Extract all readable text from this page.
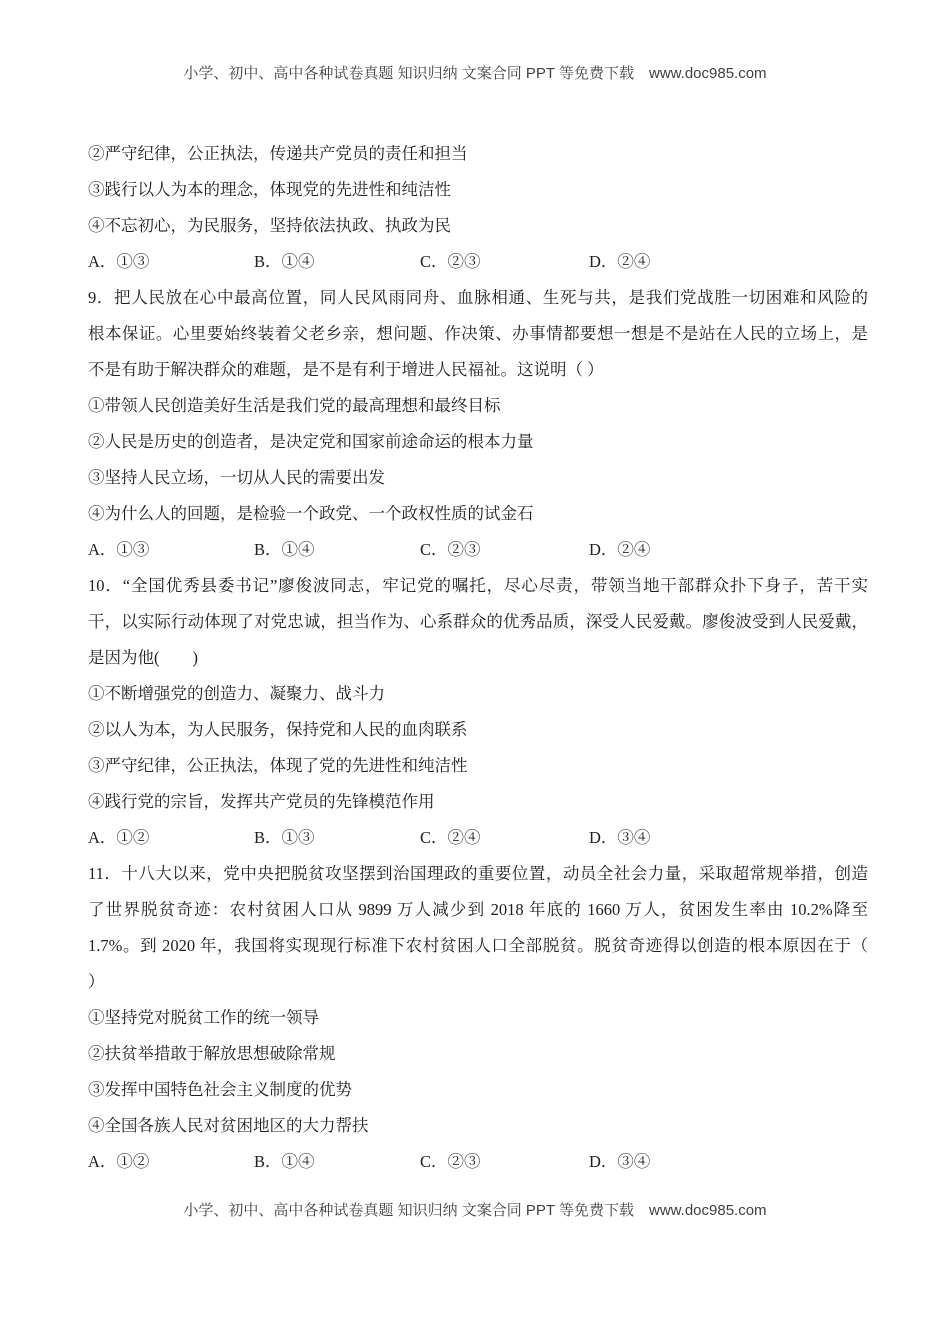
小学、初中、高中各种试卷真题 知识归纳 文案合同 PPT 等免费下载　www.doc985.com
②严守纪律，公正执法，传递共产党员的责任和担当
③践行以人为本的理念，体现党的先进性和纯洁性
④不忘初心，为民服务，坚持依法执政、执政为民

A．①③

	B．①④

	C．②③

	D．②④

9．把人民放在心中最高位置，同人民风雨同舟、血脉相通、生死与共，是我们党战胜一切困难和风险的
根本保证。心里要始终装着父老乡亲，想问题、作决策、办事情都要想一想是不是站在人民的立场上，是
不是有助于解决群众的难题，是不是有利于增进人民福祉。这说明（ ）
①带领人民创造美好生活是我们党的最高理想和最终目标
②人民是历史的创造者，是决定党和国家前途命运的根本力量
③坚持人民立场，一切从人民的需要出发
④为什么人的回题，是检验一个政党、一个政权性质的试金石

A．①③

	B．①④

	C．②③

	D．②④

10．“全国优秀县委书记”廖俊波同志，牢记党的嘱托，尽心尽责，带领当地干部群众扑下身子，苦干实
干，以实际行动体现了对党忠诚，担当作为、心系群众的优秀品质，深受人民爱戴。廖俊波受到人民爱戴，
是因为他(　　)
①不断增强党的创造力、凝聚力、战斗力
②以人为本，为人民服务，保持党和人民的血肉联系
③严守纪律，公正执法，体现了党的先进性和纯洁性
④践行党的宗旨，发挥共产党员的先锋模范作用

A．①②

	B．①③

	C．②④

	D．③④

11．十八大以来，党中央把脱贫攻坚摆到治国理政的重要位置，动员全社会力量，采取超常规举措，创造
了世界脱贫奇迹：农村贫困人口从 9899 万人减少到 2018 年底的 1660 万人，贫困发生率由 10.2%降至
1.7%。到 2020 年，我国将实现现行标准下农村贫困人口全部脱贫。脱贫奇迹得以创造的根本原因在于（
）
①坚持党对脱贫工作的统一领导
②扶贫举措敢于解放思想破除常规
③发挥中国特色社会主义制度的优势
④全国各族人民对贫困地区的大力帮扶

A．①②

	B．①④

	C．②③

	D．③④

小学、初中、高中各种试卷真题 知识归纳 文案合同 PPT 等免费下载　www.doc985.com
